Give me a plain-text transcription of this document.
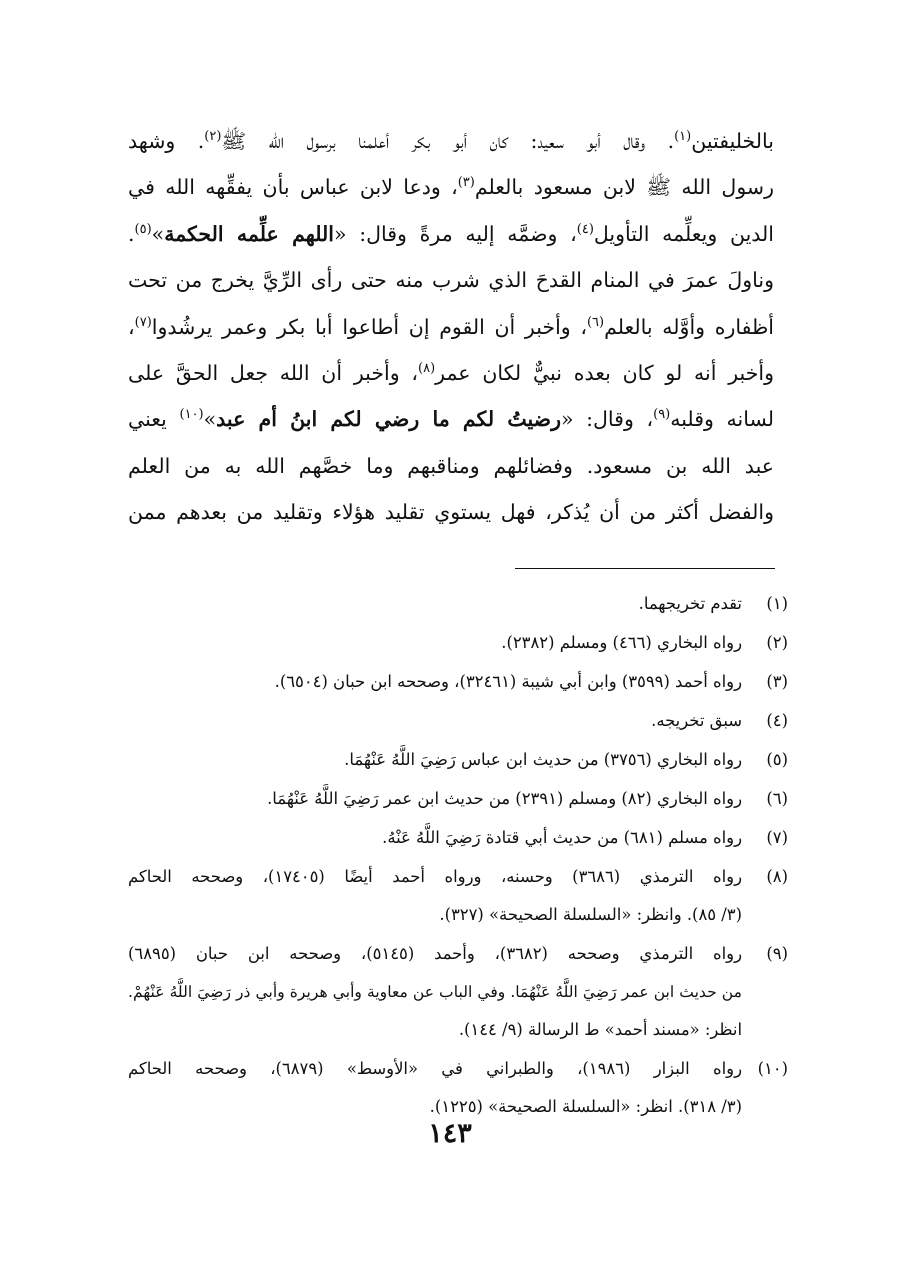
بالخليفتين$^{(١)}$. وقال أبو سعيد: كان أبو بكر أعلمنا برسول الله ﷺ$^{(٢)}$. وشهد
رسول الله ﷺ لابن مسعود بالعلم$^{(٣)}$، ودعا لابن عباس بأن يفقِّهه الله في
الدين ويعلِّمه التأويل$^{(٤)}$، وضمَّه إليه مرةً وقال: «اللهم علِّمه الحكمة»$^{(٥)}$.
وناولَ عمرَ في المنام القدحَ الذي شرب منه حتى رأى الرِّيَّ يخرج من تحت
أظفاره وأوَّله بالعلم$^{(٦)}$، وأخبر أن القوم إن أطاعوا أبا بكر وعمر يرشُدوا$^{(٧)}$،
وأخبر أنه لو كان بعده نبيٌّ لكان عمر$^{(٨)}$، وأخبر أن الله جعل الحقَّ على
لسانه وقلبه$^{(٩)}$، وقال: «رضيتُ لكم ما رضي لكم ابنُ أم عبد»$^{(١٠)}$ يعني
عبد الله بن مسعود. وفضائلهم ومناقبهم وما خصَّهم الله به من العلم
والفضل أكثر من أن يُذكر، فهل يستوي تقليد هؤلاء وتقليد من بعدهم ممن
(١)
تقدم تخريجهما.
(٢)
رواه البخاري (٤٦٦) ومسلم (٢٣٨٢).
(٣)
رواه أحمد (٣٥٩٩) وابن أبي شيبة (٣٢٤٦١)، وصححه ابن حبان (٦٥٠٤).
(٤)
سبق تخريجه.
(٥)
رواه البخاري (٣٧٥٦) من حديث ابن عباس رَضِيَ اللَّهُ عَنْهُمَا.
(٦)
رواه البخاري (٨٢) ومسلم (٢٣٩١) من حديث ابن عمر رَضِيَ اللَّهُ عَنْهُمَا.
(٧)
رواه مسلم (٦٨١) من حديث أبي قتادة رَضِيَ اللَّهُ عَنْهُ.
(٨)
رواه الترمذي (٣٦٨٦) وحسنه، ورواه أحمد أيضًا (١٧٤٠٥)، وصححه الحاكم
(٣/ ٨٥). وانظر: «السلسلة الصحيحة» (٣٢٧).
(٩)
رواه الترمذي وصححه (٣٦٨٢)، وأحمد (٥١٤٥)، وصححه ابن حبان (٦٨٩٥)
من حديث ابن عمر رَضِيَ اللَّهُ عَنْهُمَا. وفي الباب عن معاوية وأبي هريرة وأبي ذر رَضِيَ اللَّهُ عَنْهُمْ.
انظر: «مسند أحمد» ط الرسالة (٩/ ١٤٤).
(١٠)
رواه البزار (١٩٨٦)، والطبراني في «الأوسط» (٦٨٧٩)، وصححه الحاكم
(٣/ ٣١٨). انظر: «السلسلة الصحيحة» (١٢٢٥).
١٤٣
